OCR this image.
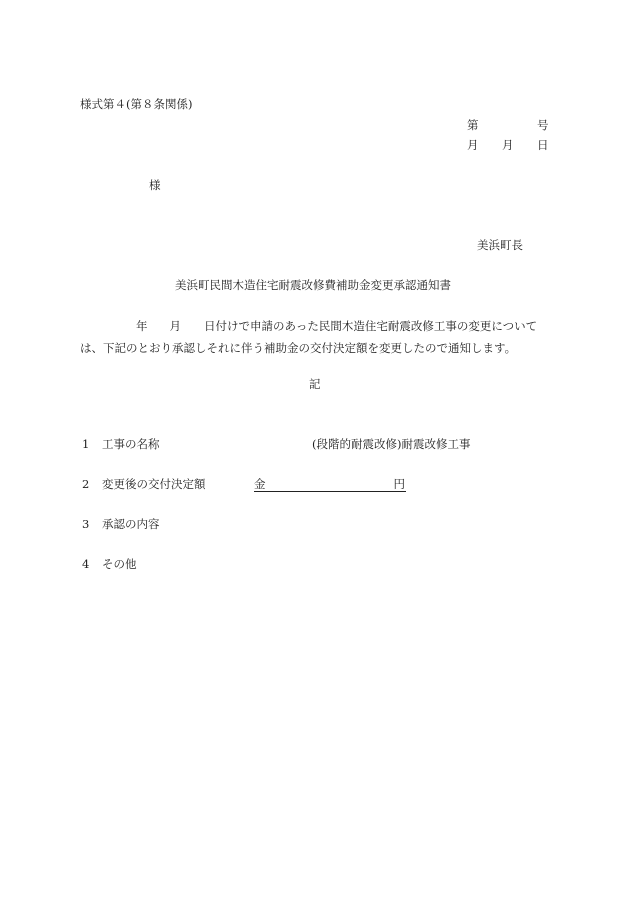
様式第４(第８条関係)
第	号
月 月 日
様
美浜町長
美浜町民間木造住宅耐震改修費補助金変更承認通知書
年 月 日付けで申請のあった民間木造住宅耐震改修工事の変更について
は、下記のとおり承認しそれに伴う補助金の交付決定額を変更したので通知します。
記
1 工事の名称	(段階的耐震改修)耐震改修工事
2 変更後の交付決定額	金	円
3 承認の内容
4 その他
